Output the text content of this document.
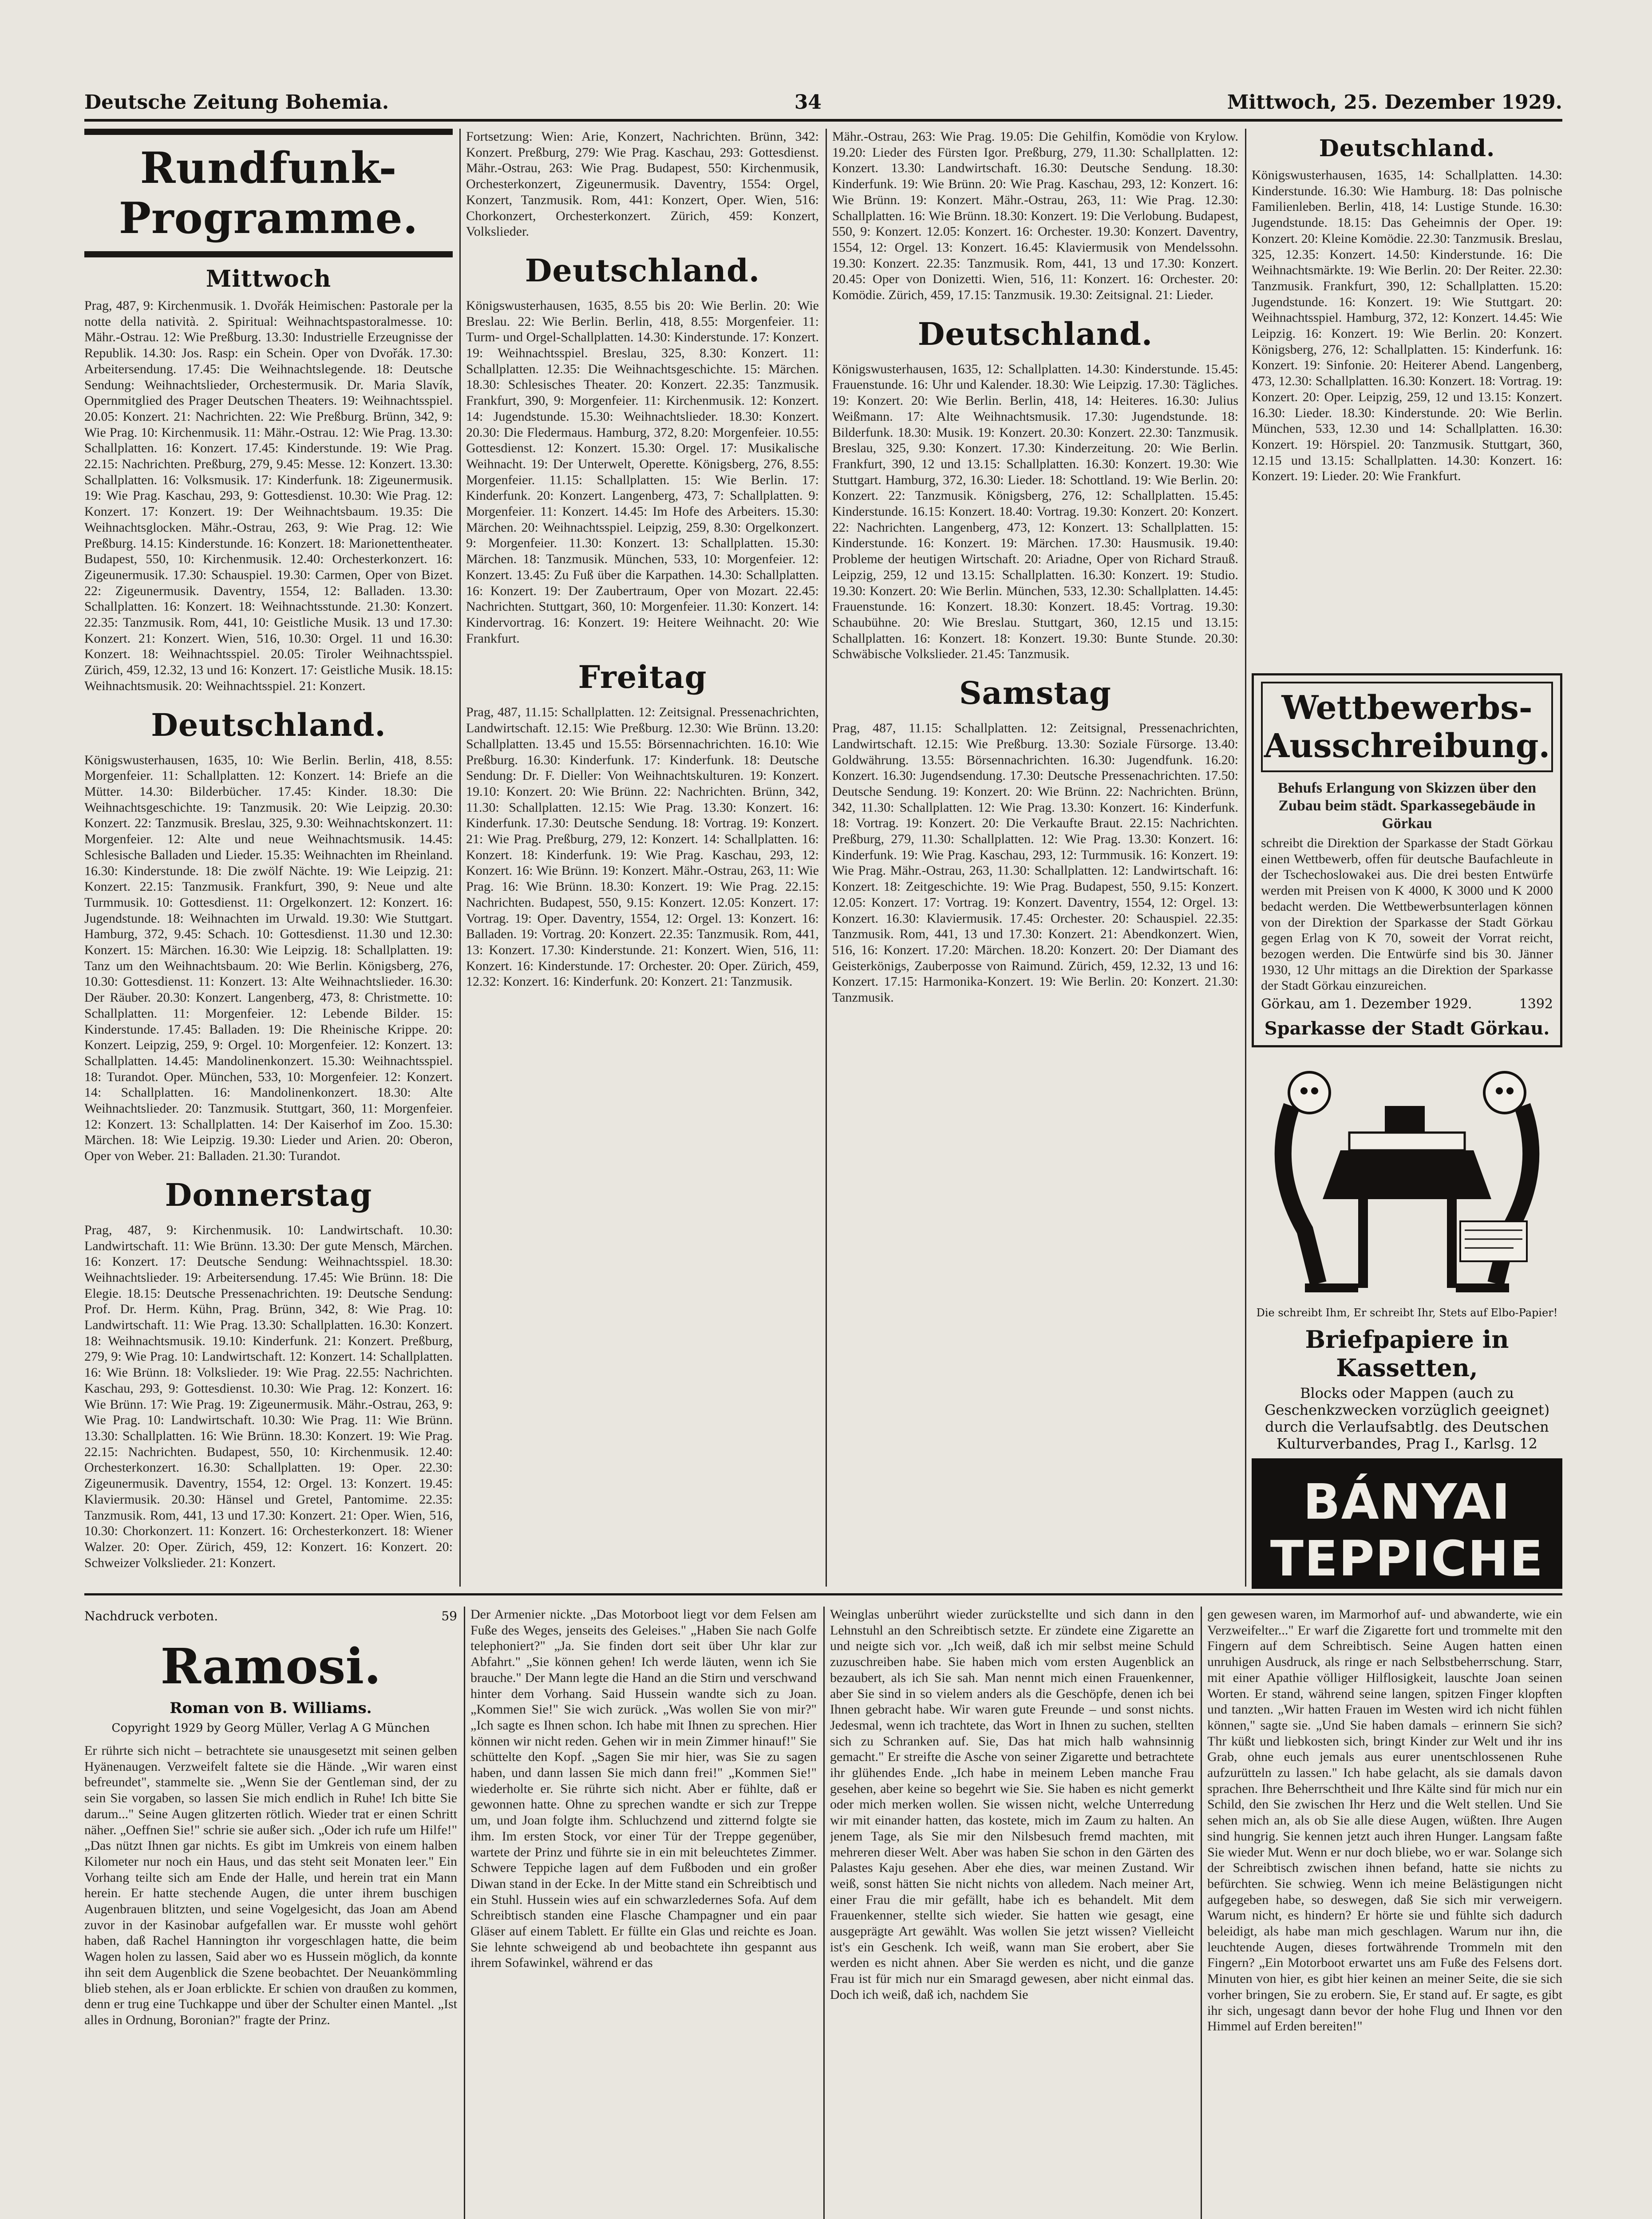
Deutsche Zeitung Bohemia.	34	Mittwoch, 25. Dezember 1929.
Rundfunk-Programme.
Mittwoch

Prag, 487, 9: Kirchenmusik. 1. Dvořák Heimischen: Pastorale per la notte della natività. 2. Spiritual: Weihnachtspastoralmesse. 10: Mähr.-Ostrau. 12: Wie Preßburg. 13.30: Industrielle Erzeugnisse der Republik. 14.30: Jos. Rasp: ein Schein. Oper von Dvořák. 17.30: Arbeitersendung. 17.45: Die Weihnachtslegende. 18: Deutsche Sendung: Weihnachtslieder, Orchestermusik. Dr. Maria Slavík, Opernmitglied des Prager Deutschen Theaters. 19: Weihnachtsspiel. 20.05: Konzert. 21: Nachrichten. 22: Wie Preßburg. Brünn, 342, 9: Wie Prag. 10: Kirchenmusik. 11: Mähr.-Ostrau. 12: Wie Prag. 13.30: Schallplatten. 16: Konzert. 17.45: Kinderstunde. 19: Wie Prag. 22.15: Nachrichten. Preßburg, 279, 9.45: Messe. 12: Konzert. 13.30: Schallplatten. 16: Volksmusik. 17: Kinderfunk. 18: Zigeunermusik. 19: Wie Prag. Kaschau, 293, 9: Gottesdienst. 10.30: Wie Prag. 12: Konzert. 17: Konzert. 19: Der Weihnachtsbaum. 19.35: Die Weihnachtsglocken. Mähr.-Ostrau, 263, 9: Wie Prag. 12: Wie Preßburg. 14.15: Kinderstunde. 16: Konzert. 18: Marionettentheater. Budapest, 550, 10: Kirchenmusik. 12.40: Orchesterkonzert. 16: Zigeunermusik. 17.30: Schauspiel. 19.30: Carmen, Oper von Bizet. 22: Zigeunermusik. Daventry, 1554, 12: Balladen. 13.30: Schallplatten. 16: Konzert. 18: Weihnachtsstunde. 21.30: Konzert. 22.35: Tanzmusik. Rom, 441, 10: Geistliche Musik. 13 und 17.30: Konzert. 21: Konzert. Wien, 516, 10.30: Orgel. 11 und 16.30: Konzert. 18: Weihnachtsspiel. 20.05: Tiroler Weihnachtsspiel. Zürich, 459, 12.32, 13 und 16: Konzert. 17: Geistliche Musik. 18.15: Weihnachtsmusik. 20: Weihnachtsspiel. 21: Konzert.

Deutschland.

Königswusterhausen, 1635, 10: Wie Berlin. Berlin, 418, 8.55: Morgenfeier. 11: Schallplatten. 12: Konzert. 14: Briefe an die Mütter. 14.30: Bilderbücher. 17.45: Kinder. 18.30: Die Weihnachtsgeschichte. 19: Tanzmusik. 20: Wie Leipzig. 20.30: Konzert. 22: Tanzmusik. Breslau, 325, 9.30: Weihnachtskonzert. 11: Morgenfeier. 12: Alte und neue Weihnachtsmusik. 14.45: Schlesische Balladen und Lieder. 15.35: Weihnachten im Rheinland. 16.30: Kinderstunde. 18: Die zwölf Nächte. 19: Wie Leipzig. 21: Konzert. 22.15: Tanzmusik. Frankfurt, 390, 9: Neue und alte Turmmusik. 10: Gottesdienst. 11: Orgelkonzert. 12: Konzert. 16: Jugendstunde. 18: Weihnachten im Urwald. 19.30: Wie Stuttgart. Hamburg, 372, 9.45: Schach. 10: Gottesdienst. 11.30 und 12.30: Konzert. 15: Märchen. 16.30: Wie Leipzig. 18: Schallplatten. 19: Tanz um den Weihnachtsbaum. 20: Wie Berlin. Königsberg, 276, 10.30: Gottesdienst. 11: Konzert. 13: Alte Weihnachtslieder. 16.30: Der Räuber. 20.30: Konzert. Langenberg, 473, 8: Christmette. 10: Schallplatten. 11: Morgenfeier. 12: Lebende Bilder. 15: Kinderstunde. 17.45: Balladen. 19: Die Rheinische Krippe. 20: Konzert. Leipzig, 259, 9: Orgel. 10: Morgenfeier. 12: Konzert. 13: Schallplatten. 14.45: Mandolinenkonzert. 15.30: Weihnachtsspiel. 18: Turandot. Oper. München, 533, 10: Morgenfeier. 12: Konzert. 14: Schallplatten. 16: Mandolinenkonzert. 18.30: Alte Weihnachtslieder. 20: Tanzmusik. Stuttgart, 360, 11: Morgenfeier. 12: Konzert. 13: Schallplatten. 14: Der Kaiserhof im Zoo. 15.30: Märchen. 18: Wie Leipzig. 19.30: Lieder und Arien. 20: Oberon, Oper von Weber. 21: Balladen. 21.30: Turandot.

Donnerstag

Prag, 487, 9: Kirchenmusik. 10: Landwirtschaft. 10.30: Landwirtschaft. 11: Wie Brünn. 13.30: Der gute Mensch, Märchen. 16: Konzert. 17: Deutsche Sendung: Weihnachtsspiel. 18.30: Weihnachtslieder. 19: Arbeitersendung. 17.45: Wie Brünn. 18: Die Elegie. 18.15: Deutsche Pressenachrichten. 19: Deutsche Sendung: Prof. Dr. Herm. Kühn, Prag. Brünn, 342, 8: Wie Prag. 10: Landwirtschaft. 11: Wie Prag. 13.30: Schallplatten. 16.30: Konzert. 18: Weihnachtsmusik. 19.10: Kinderfunk. 21: Konzert. Preßburg, 279, 9: Wie Prag. 10: Landwirtschaft. 12: Konzert. 14: Schallplatten. 16: Wie Brünn. 18: Volkslieder. 19: Wie Prag. 22.55: Nachrichten. Kaschau, 293, 9: Gottesdienst. 10.30: Wie Prag. 12: Konzert. 16: Wie Brünn. 17: Wie Prag. 19: Zigeunermusik. Mähr.-Ostrau, 263, 9: Wie Prag. 10: Landwirtschaft. 10.30: Wie Prag. 11: Wie Brünn. 13.30: Schallplatten. 16: Wie Brünn. 18.30: Konzert. 19: Wie Prag. 22.15: Nachrichten. Budapest, 550, 10: Kirchenmusik. 12.40: Orchesterkonzert. 16.30: Schallplatten. 19: Oper. 22.30: Zigeunermusik. Daventry, 1554, 12: Orgel. 13: Konzert. 19.45: Klaviermusik. 20.30: Hänsel und Gretel, Pantomime. 22.35: Tanzmusik. Rom, 441, 13 und 17.30: Konzert. 21: Oper. Wien, 516, 10.30: Chorkonzert. 11: Konzert. 16: Orchesterkonzert. 18: Wiener Walzer. 20: Oper. Zürich, 459, 12: Konzert. 16: Konzert. 20: Schweizer Volkslieder. 21: Konzert.

Fortsetzung: Wien: Arie, Konzert, Nachrichten. Brünn, 342: Konzert. Preßburg, 279: Wie Prag. Kaschau, 293: Gottesdienst. Mähr.-Ostrau, 263: Wie Prag. Budapest, 550: Kirchenmusik, Orchesterkonzert, Zigeunermusik. Daventry, 1554: Orgel, Konzert, Tanzmusik. Rom, 441: Konzert, Oper. Wien, 516: Chorkonzert, Orchesterkonzert. Zürich, 459: Konzert, Volkslieder.

Deutschland.

Königswusterhausen, 1635, 8.55 bis 20: Wie Berlin. 20: Wie Breslau. 22: Wie Berlin. Berlin, 418, 8.55: Morgenfeier. 11: Turm- und Orgel-Schallplatten. 14.30: Kinderstunde. 17: Konzert. 19: Weihnachtsspiel. Breslau, 325, 8.30: Konzert. 11: Schallplatten. 12.35: Die Weihnachtsgeschichte. 15: Märchen. 18.30: Schlesisches Theater. 20: Konzert. 22.35: Tanzmusik. Frankfurt, 390, 9: Morgenfeier. 11: Kirchenmusik. 12: Konzert. 14: Jugendstunde. 15.30: Weihnachtslieder. 18.30: Konzert. 20.30: Die Fledermaus. Hamburg, 372, 8.20: Morgenfeier. 10.55: Gottesdienst. 12: Konzert. 15.30: Orgel. 17: Musikalische Weihnacht. 19: Der Unterwelt, Operette. Königsberg, 276, 8.55: Morgenfeier. 11.15: Schallplatten. 15: Wie Berlin. 17: Kinderfunk. 20: Konzert. Langenberg, 473, 7: Schallplatten. 9: Morgenfeier. 11: Konzert. 14.45: Im Hofe des Arbeiters. 15.30: Märchen. 20: Weihnachtsspiel. Leipzig, 259, 8.30: Orgelkonzert. 9: Morgenfeier. 11.30: Konzert. 13: Schallplatten. 15.30: Märchen. 18: Tanzmusik. München, 533, 10: Morgenfeier. 12: Konzert. 13.45: Zu Fuß über die Karpathen. 14.30: Schallplatten. 16: Konzert. 19: Der Zaubertraum, Oper von Mozart. 22.45: Nachrichten. Stuttgart, 360, 10: Morgenfeier. 11.30: Konzert. 14: Kindervortrag. 16: Konzert. 19: Heitere Weihnacht. 20: Wie Frankfurt.

Freitag

Prag, 487, 11.15: Schallplatten. 12: Zeitsignal. Pressenachrichten, Landwirtschaft. 12.15: Wie Preßburg. 12.30: Wie Brünn. 13.20: Schallplatten. 13.45 und 15.55: Börsennachrichten. 16.10: Wie Preßburg. 16.30: Kinderfunk. 17: Kinderfunk. 18: Deutsche Sendung: Dr. F. Dieller: Von Weihnachtskulturen. 19: Konzert. 19.10: Konzert. 20: Wie Brünn. 22: Nachrichten. Brünn, 342, 11.30: Schallplatten. 12.15: Wie Prag. 13.30: Konzert. 16: Kinderfunk. 17.30: Deutsche Sendung. 18: Vortrag. 19: Konzert. 21: Wie Prag. Preßburg, 279, 12: Konzert. 14: Schallplatten. 16: Konzert. 18: Kinderfunk. 19: Wie Prag. Kaschau, 293, 12: Konzert. 16: Wie Brünn. 19: Konzert. Mähr.-Ostrau, 263, 11: Wie Prag. 16: Wie Brünn. 18.30: Konzert. 19: Wie Prag. 22.15: Nachrichten. Budapest, 550, 9.15: Konzert. 12.05: Konzert. 17: Vortrag. 19: Oper. Daventry, 1554, 12: Orgel. 13: Konzert. 16: Balladen. 19: Vortrag. 20: Konzert. 22.35: Tanzmusik. Rom, 441, 13: Konzert. 17.30: Kinderstunde. 21: Konzert. Wien, 516, 11: Konzert. 16: Kinderstunde. 17: Orchester. 20: Oper. Zürich, 459, 12.32: Konzert. 16: Kinderfunk. 20: Konzert. 21: Tanzmusik.

Mähr.-Ostrau, 263: Wie Prag. 19.05: Die Gehilfin, Komödie von Krylow. 19.20: Lieder des Fürsten Igor. Preßburg, 279, 11.30: Schallplatten. 12: Konzert. 13.30: Landwirtschaft. 16.30: Deutsche Sendung. 18.30: Kinderfunk. 19: Wie Brünn. 20: Wie Prag. Kaschau, 293, 12: Konzert. 16: Wie Brünn. 19: Konzert. Mähr.-Ostrau, 263, 11: Wie Prag. 12.30: Schallplatten. 16: Wie Brünn. 18.30: Konzert. 19: Die Verlobung. Budapest, 550, 9: Konzert. 12.05: Konzert. 16: Orchester. 19.30: Konzert. Daventry, 1554, 12: Orgel. 13: Konzert. 16.45: Klaviermusik von Mendelssohn. 19.30: Konzert. 22.35: Tanzmusik. Rom, 441, 13 und 17.30: Konzert. 20.45: Oper von Donizetti. Wien, 516, 11: Konzert. 16: Orchester. 20: Komödie. Zürich, 459, 17.15: Tanzmusik. 19.30: Zeitsignal. 21: Lieder.

Deutschland.

Königswusterhausen, 1635, 12: Schallplatten. 14.30: Kinderstunde. 15.45: Frauenstunde. 16: Uhr und Kalender. 18.30: Wie Leipzig. 17.30: Tägliches. 19: Konzert. 20: Wie Berlin. Berlin, 418, 14: Heiteres. 16.30: Julius Weißmann. 17: Alte Weihnachtsmusik. 17.30: Jugendstunde. 18: Bilderfunk. 18.30: Musik. 19: Konzert. 20.30: Konzert. 22.30: Tanzmusik. Breslau, 325, 9.30: Konzert. 17.30: Kinderzeitung. 20: Wie Berlin. Frankfurt, 390, 12 und 13.15: Schallplatten. 16.30: Konzert. 19.30: Wie Stuttgart. Hamburg, 372, 16.30: Lieder. 18: Schottland. 19: Wie Berlin. 20: Konzert. 22: Tanzmusik. Königsberg, 276, 12: Schallplatten. 15.45: Kinderstunde. 16.15: Konzert. 18.40: Vortrag. 19.30: Konzert. 20: Konzert. 22: Nachrichten. Langenberg, 473, 12: Konzert. 13: Schallplatten. 15: Kinderstunde. 16: Konzert. 19: Märchen. 17.30: Hausmusik. 19.40: Probleme der heutigen Wirtschaft. 20: Ariadne, Oper von Richard Strauß. Leipzig, 259, 12 und 13.15: Schallplatten. 16.30: Konzert. 19: Studio. 19.30: Konzert. 20: Wie Berlin. München, 533, 12.30: Schallplatten. 14.45: Frauenstunde. 16: Konzert. 18.30: Konzert. 18.45: Vortrag. 19.30: Schaubühne. 20: Wie Breslau. Stuttgart, 360, 12.15 und 13.15: Schallplatten. 16: Konzert. 18: Konzert. 19.30: Bunte Stunde. 20.30: Schwäbische Volkslieder. 21.45: Tanzmusik.

Samstag

Prag, 487, 11.15: Schallplatten. 12: Zeitsignal, Pressenachrichten, Landwirtschaft. 12.15: Wie Preßburg. 13.30: Soziale Fürsorge. 13.40: Goldwährung. 13.55: Börsennachrichten. 16.30: Jugendfunk. 16.20: Konzert. 16.30: Jugendsendung. 17.30: Deutsche Pressenachrichten. 17.50: Deutsche Sendung. 19: Konzert. 20: Wie Brünn. 22: Nachrichten. Brünn, 342, 11.30: Schallplatten. 12: Wie Prag. 13.30: Konzert. 16: Kinderfunk. 18: Vortrag. 19: Konzert. 20: Die Verkaufte Braut. 22.15: Nachrichten. Preßburg, 279, 11.30: Schallplatten. 12: Wie Prag. 13.30: Konzert. 16: Kinderfunk. 19: Wie Prag. Kaschau, 293, 12: Turmmusik. 16: Konzert. 19: Wie Prag. Mähr.-Ostrau, 263, 11.30: Schallplatten. 12: Landwirtschaft. 16: Konzert. 18: Zeitgeschichte. 19: Wie Prag. Budapest, 550, 9.15: Konzert. 12.05: Konzert. 17: Vortrag. 19: Konzert. Daventry, 1554, 12: Orgel. 13: Konzert. 16.30: Klaviermusik. 17.45: Orchester. 20: Schauspiel. 22.35: Tanzmusik. Rom, 441, 13 und 17.30: Konzert. 21: Abendkonzert. Wien, 516, 16: Konzert. 17.20: Märchen. 18.20: Konzert. 20: Der Diamant des Geisterkönigs, Zauberposse von Raimund. Zürich, 459, 12.32, 13 und 16: Konzert. 17.15: Harmonika-Konzert. 19: Wie Berlin. 20: Konzert. 21.30: Tanzmusik.

Deutschland.

Königswusterhausen, 1635, 14: Schallplatten. 14.30: Kinderstunde. 16.30: Wie Hamburg. 18: Das polnische Familienleben. Berlin, 418, 14: Lustige Stunde. 16.30: Jugendstunde. 18.15: Das Geheimnis der Oper. 19: Konzert. 20: Kleine Komödie. 22.30: Tanzmusik. Breslau, 325, 12.35: Konzert. 14.50: Kinderstunde. 16: Die Weihnachtsmärkte. 19: Wie Berlin. 20: Der Reiter. 22.30: Tanzmusik. Frankfurt, 390, 12: Schallplatten. 15.20: Jugendstunde. 16: Konzert. 19: Wie Stuttgart. 20: Weihnachtsspiel. Hamburg, 372, 12: Konzert. 14.45: Wie Leipzig. 16: Konzert. 19: Wie Berlin. 20: Konzert. Königsberg, 276, 12: Schallplatten. 15: Kinderfunk. 16: Konzert. 19: Sinfonie. 20: Heiterer Abend. Langenberg, 473, 12.30: Schallplatten. 16.30: Konzert. 18: Vortrag. 19: Konzert. 20: Oper. Leipzig, 259, 12 und 13.15: Konzert. 16.30: Lieder. 18.30: Kinderstunde. 20: Wie Berlin. München, 533, 12.30 und 14: Schallplatten. 16.30: Konzert. 19: Hörspiel. 20: Tanzmusik. Stuttgart, 360, 12.15 und 13.15: Schallplatten. 14.30: Konzert. 16: Konzert. 19: Lieder. 20: Wie Frankfurt.

Wettbewerbs-Ausschreibung.

Behufs Erlangung von Skizzen über den Zubau beim städt. Sparkassegebäude in Görkau

schreibt die Direktion der Sparkasse der Stadt Görkau einen Wettbewerb, offen für deutsche Baufachleute in der Tschechoslowakei aus. Die drei besten Entwürfe werden mit Preisen von K 4000, K 3000 und K 2000 bedacht werden. Die Wettbewerbsunterlagen können von der Direktion der Sparkasse der Stadt Görkau gegen Erlag von K 70, soweit der Vorrat reicht, bezogen werden. Die Entwürfe sind bis 30. Jänner 1930, 12 Uhr mittags an die Direktion der Sparkasse der Stadt Görkau einzureichen.

Görkau, am 1. Dezember 1929.	1392
Sparkasse der Stadt Görkau.
Die schreibt Ihm, Er schreibt Ihr, Stets auf Elbo-Papier!
Briefpapiere in Kassetten,
Blocks oder Mappen (auch zu Geschenkzwecken vorzüglich geeignet) durch die Verlaufsabtlg. des Deutschen Kulturverbandes, Prag I., Karlsg. 12
BÁNYAI TEPPICHE
Nachdruck verboten.	59
Ramosi.
Roman von B. Williams.
Copyright 1929 by Georg Müller, Verlag A G München

Er rührte sich nicht – betrachtete sie unausgesetzt mit seinen gelben Hyänenaugen. Verzweifelt faltete sie die Hände. „Wir waren einst befreundet", stammelte sie. „Wenn Sie der Gentleman sind, der zu sein Sie vorgaben, so lassen Sie mich endlich in Ruhe! Ich bitte Sie darum..." Seine Augen glitzerten rötlich. Wieder trat er einen Schritt näher. „Oeffnen Sie!" schrie sie außer sich. „Oder ich rufe um Hilfe!" „Das nützt Ihnen gar nichts. Es gibt im Umkreis von einem halben Kilometer nur noch ein Haus, und das steht seit Monaten leer." Ein Vorhang teilte sich am Ende der Halle, und herein trat ein Mann herein. Er hatte stechende Augen, die unter ihrem buschigen Augenbrauen blitzten, und seine Vogelgesicht, das Joan am Abend zuvor in der Kasinobar aufgefallen war. Er musste wohl gehört haben, daß Rachel Hannington ihr vorgeschlagen hatte, die beim Wagen holen zu lassen, Said aber wo es Hussein möglich, da konnte ihn seit dem Augenblick die Szene beobachtet. Der Neuankömmling blieb stehen, als er Joan erblickte. Er schien von draußen zu kommen, denn er trug eine Tuchkappe und über der Schulter einen Mantel. „Ist alles in Ordnung, Boronian?" fragte der Prinz.

Der Armenier nickte. „Das Motorboot liegt vor dem Felsen am Fuße des Weges, jenseits des Geleises." „Haben Sie nach Golfe telephoniert?" „Ja. Sie finden dort seit über Uhr klar zur Abfahrt." „Sie können gehen! Ich werde läuten, wenn ich Sie brauche." Der Mann legte die Hand an die Stirn und verschwand hinter dem Vorhang. Said Hussein wandte sich zu Joan. „Kommen Sie!" Sie wich zurück. „Was wollen Sie von mir?" „Ich sagte es Ihnen schon. Ich habe mit Ihnen zu sprechen. Hier können wir nicht reden. Gehen wir in mein Zimmer hinauf!" Sie schüttelte den Kopf. „Sagen Sie mir hier, was Sie zu sagen haben, und dann lassen Sie mich dann frei!" „Kommen Sie!" wiederholte er. Sie rührte sich nicht. Aber er fühlte, daß er gewonnen hatte. Ohne zu sprechen wandte er sich zur Treppe um, und Joan folgte ihm. Schluchzend und zitternd folgte sie ihm. Im ersten Stock, vor einer Tür der Treppe gegenüber, wartete der Prinz und führte sie in ein mit beleuchtetes Zimmer. Schwere Teppiche lagen auf dem Fußboden und ein großer Diwan stand in der Ecke. In der Mitte stand ein Schreibtisch und ein Stuhl. Hussein wies auf ein schwarzledernes Sofa. Auf dem Schreibtisch standen eine Flasche Champagner und ein paar Gläser auf einem Tablett. Er füllte ein Glas und reichte es Joan. Sie lehnte schweigend ab und beobachtete ihn gespannt aus ihrem Sofawinkel, während er das

Weinglas unberührt wieder zurückstellte und sich dann in den Lehnstuhl an den Schreibtisch setzte. Er zündete eine Zigarette an und neigte sich vor. „Ich weiß, daß ich mir selbst meine Schuld zuzuschreiben habe. Sie haben mich vom ersten Augenblick an bezaubert, als ich Sie sah. Man nennt mich einen Frauenkenner, aber Sie sind in so vielem anders als die Geschöpfe, denen ich bei Ihnen gebracht habe. Wir waren gute Freunde – und sonst nichts. Jedesmal, wenn ich trachtete, das Wort in Ihnen zu suchen, stellten sich zu Schranken auf. Sie, Das hat mich halb wahnsinnig gemacht." Er streifte die Asche von seiner Zigarette und betrachtete ihr glühendes Ende. „Ich habe in meinem Leben manche Frau gesehen, aber keine so begehrt wie Sie. Sie haben es nicht gemerkt oder mich merken wollen. Sie wissen nicht, welche Unterredung wir mit einander hatten, das kostete, mich im Zaum zu halten. An jenem Tage, als Sie mir den Nilsbesuch fremd machten, mit mehreren dieser Welt. Aber was haben Sie schon in den Gärten des Palastes Kaju gesehen. Aber ehe dies, war meinen Zustand. Wir weiß, sonst hätten Sie nicht nichts von alledem. Nach meiner Art, einer Frau die mir gefällt, habe ich es behandelt. Mit dem Frauenkenner, stellte sich wieder. Sie hatten wie gesagt, eine ausgeprägte Art gewählt. Was wollen Sie jetzt wissen? Vielleicht ist's ein Geschenk. Ich weiß, wann man Sie erobert, aber Sie werden es nicht ahnen. Aber Sie werden es nicht, und die ganze Frau ist für mich nur ein Smaragd gewesen, aber nicht einmal das. Doch ich weiß, daß ich, nachdem Sie

gen gewesen waren, im Marmorhof auf- und abwanderte, wie ein Verzweifelter..." Er warf die Zigarette fort und trommelte mit den Fingern auf dem Schreibtisch. Seine Augen hatten einen unruhigen Ausdruck, als ringe er nach Selbstbeherrschung. Starr, mit einer Apathie völliger Hilflosigkeit, lauschte Joan seinen Worten. Er stand, während seine langen, spitzen Finger klopften und tanzten. „Wir hatten Frauen im Westen wird ich nicht fühlen können," sagte sie. „Und Sie haben damals – erinnern Sie sich? Thr küßt und liebkosten sich, bringt Kinder zur Welt und ihr ins Grab, ohne euch jemals aus eurer unentschlossenen Ruhe aufzurütteln zu lassen." Ich habe gelacht, als sie damals davon sprachen. Ihre Beherrschtheit und Ihre Kälte sind für mich nur ein Schild, den Sie zwischen Ihr Herz und die Welt stellen. Und Sie sehen mich an, als ob Sie alle diese Augen, wüßten. Ihre Augen sind hungrig. Sie kennen jetzt auch ihren Hunger. Langsam faßte Sie wieder Mut. Wenn er nur doch bliebe, wo er war. Solange sich der Schreibtisch zwischen ihnen befand, hatte sie nichts zu befürchten. Sie schwieg. Wenn ich meine Belästigungen nicht aufgegeben habe, so deswegen, daß Sie sich mir verweigern. Warum nicht, es hindern? Er hörte sie und fühlte sich dadurch beleidigt, als habe man mich geschlagen. Warum nur ihn, die leuchtende Augen, dieses fortwährende Trommeln mit den Fingern? „Ein Motorboot erwartet uns am Fuße des Felsens dort. Minuten von hier, es gibt hier keinen an meiner Seite, die sie sich vorher bringen, Sie zu erobern. Sie, Er stand auf. Er sagte, es gibt ihr sich, ungesagt dann bevor der hohe Flug und Ihnen vor den Himmel auf Erden bereiten!"
